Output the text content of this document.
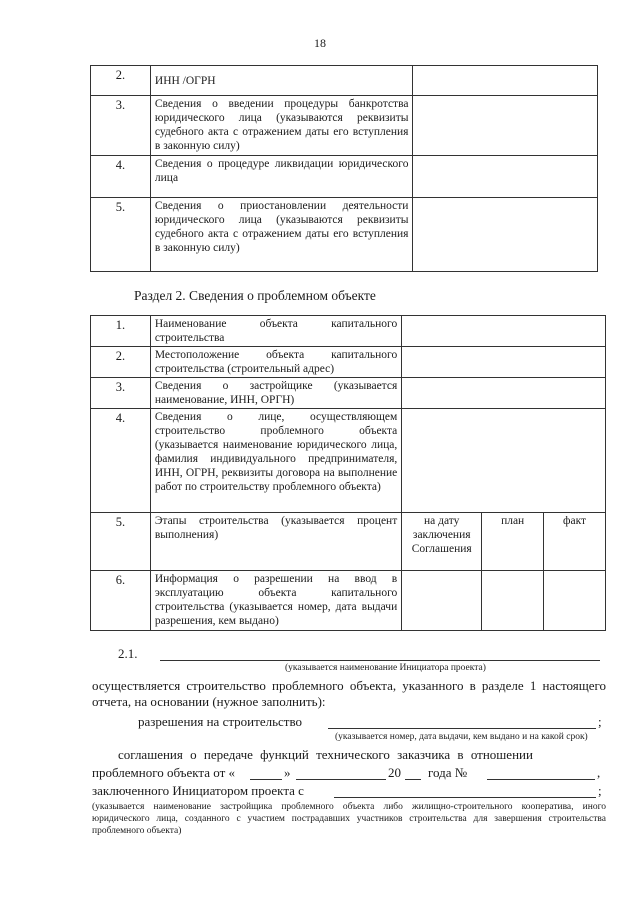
18
2.	ИНН /ОГРН	
3.	Сведения о введении процедуры банкротства юридического лица (указываются реквизиты судебного акта с отражением даты его вступления в законную силу)	
4.	Сведения о процедуре ликвидации юридического лица	
5.	Сведения о приостановлении деятельности юридического лица (указываются реквизиты судебного акта с отражением даты его вступления в законную силу)	
Раздел 2. Сведения о проблемном объекте
1.	Наименование объекта капитального строительства			
2.	Местоположение объекта капитального строительства (строительный адрес)			
3.	Сведения о застройщике (указывается наименование, ИНН, ОРГН)			
4.	Сведения о лице, осуществляющем строительство проблемного объекта (указывается наименование юридического лица, фамилия индивидуального предпринимателя, ИНН, ОГРН, реквизиты договора на выполнение работ по строительству проблемного объекта)			
5.	Этапы строительства (указывается процент выполнения)	на дату заключения Соглашения	план	факт
6.	Информация о разрешении на ввод в эксплуатацию объекта капитального строительства (указывается номер, дата выдачи разрешения, кем выдано)			
2.1.
(указывается наименование Инициатора проекта)
осуществляется строительство проблемного объекта, указанного в разделе 1 настоящего отчета, на основании (нужное заполнить):
разрешения на строительство	;
(указывается номер, дата выдачи, кем выдано и на какой срок)
соглашения о передаче функций технического заказчика в отношении
проблемного объекта от «	»	20 года №	,
заключенного Инициатором проекта с	;
(указывается наименование застройщика проблемного объекта либо жилищно-строительного кооператива, иного юридического лица, созданного с участием пострадавших участников строительства для завершения строительства проблемного объекта)
